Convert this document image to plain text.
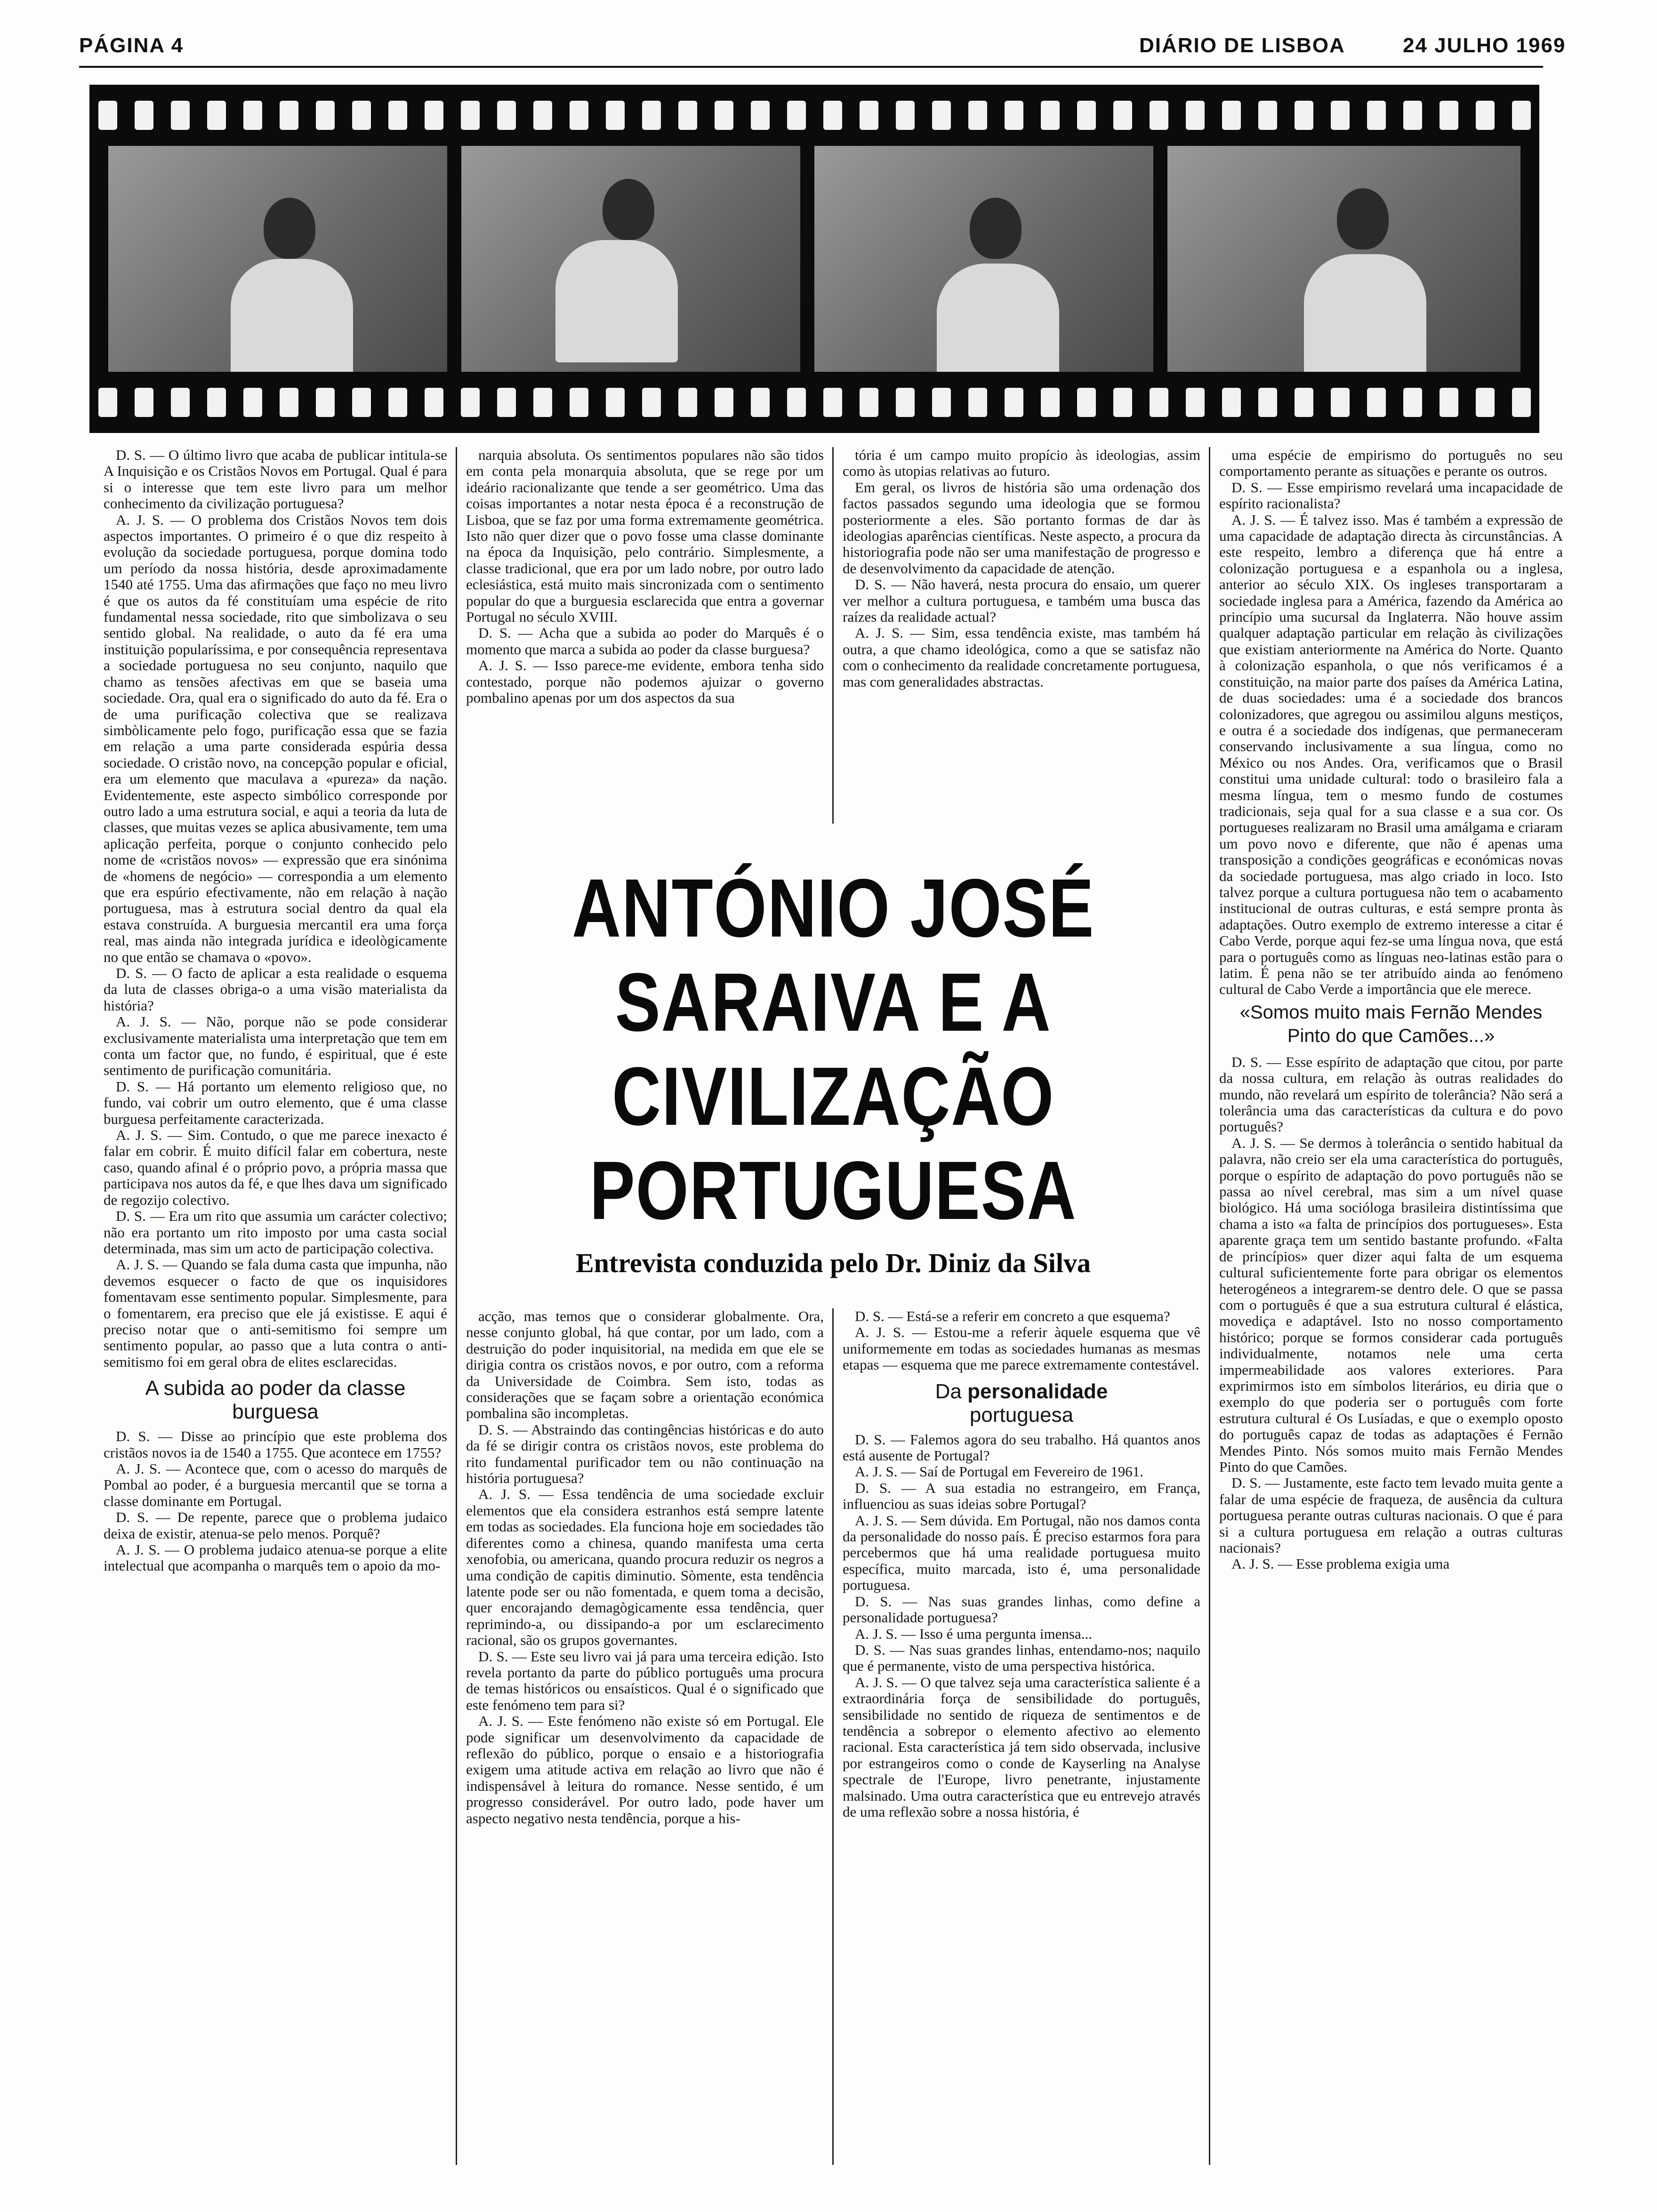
PÁGINA 4	DIÁRIO DE LISBOA	24 JULHO 1969

D. S. — O último livro que acaba de publicar intitula-se A Inquisição e os Cristãos Novos em Portugal. Qual é para si o interesse que tem este livro para um melhor conhecimento da civilização portuguesa?

A. J. S. — O problema dos Cristãos Novos tem dois aspectos importantes. O primeiro é o que diz respeito à evolução da sociedade portuguesa, porque domina todo um período da nossa história, desde aproximadamente 1540 até 1755. Uma das afirmações que faço no meu livro é que os autos da fé constituíam uma espécie de rito fundamental nessa sociedade, rito que simbolizava o seu sentido global. Na realidade, o auto da fé era uma instituição popularíssima, e por consequência representava a sociedade portuguesa no seu conjunto, naquilo que chamo as tensões afectivas em que se baseia uma sociedade. Ora, qual era o significado do auto da fé. Era o de uma purificação colectiva que se realizava simbòlicamente pelo fogo, purificação essa que se fazia em relação a uma parte considerada espúria dessa sociedade. O cristão novo, na concepção popular e oficial, era um elemento que maculava a «pureza» da nação. Evidentemente, este aspecto simbólico corresponde por outro lado a uma estrutura social, e aqui a teoria da luta de classes, que muitas vezes se aplica abusivamente, tem uma aplicação perfeita, porque o conjunto conhecido pelo nome de «cristãos novos» — expressão que era sinónima de «homens de negócio» — correspondia a um elemento que era espúrio efectivamente, não em relação à nação portuguesa, mas à estrutura social dentro da qual ela estava construída. A burguesia mercantil era uma força real, mas ainda não integrada jurídica e ideològicamente no que então se chamava o «povo».

D. S. — O facto de aplicar a esta realidade o esquema da luta de classes obriga-o a uma visão materialista da história?

A. J. S. — Não, porque não se pode considerar exclusivamente materialista uma interpretação que tem em conta um factor que, no fundo, é espiritual, que é este sentimento de purificação comunitária.

D. S. — Há portanto um elemento religioso que, no fundo, vai cobrir um outro elemento, que é uma classe burguesa perfeitamente caracterizada.

A. J. S. — Sim. Contudo, o que me parece inexacto é falar em cobrir. É muito difícil falar em cobertura, neste caso, quando afinal é o próprio povo, a própria massa que participava nos autos da fé, e que lhes dava um significado de regozijo colectivo.

D. S. — Era um rito que assumia um carácter colectivo; não era portanto um rito imposto por uma casta social determinada, mas sim um acto de participação colectiva.

A. J. S. — Quando se fala duma casta que impunha, não devemos esquecer o facto de que os inquisidores fomentavam esse sentimento popular. Simplesmente, para o fomentarem, era preciso que ele já existisse. E aqui é preciso notar que o anti-semitismo foi sempre um sentimento popular, ao passo que a luta contra o anti-semitismo foi em geral obra de elites esclarecidas.

A subida ao poder da classe burguesa

D. S. — Disse ao princípio que este problema dos cristãos novos ia de 1540 a 1755. Que acontece em 1755?

A. J. S. — Acontece que, com o acesso do marquês de Pombal ao poder, é a burguesia mercantil que se torna a classe dominante em Portugal.

D. S. — De repente, parece que o problema judaico deixa de existir, atenua-se pelo menos. Porquê?

A. J. S. — O problema judaico atenua-se porque a elite intelectual que acompanha o marquês tem o apoio da mo-

narquia absoluta. Os sentimentos populares não são tidos em conta pela monarquia absoluta, que se rege por um ideário racionalizante que tende a ser geométrico. Uma das coisas importantes a notar nesta época é a reconstrução de Lisboa, que se faz por uma forma extremamente geométrica. Isto não quer dizer que o povo fosse uma classe dominante na época da Inquisição, pelo contrário. Simplesmente, a classe tradicional, que era por um lado nobre, por outro lado eclesiástica, está muito mais sincronizada com o sentimento popular do que a burguesia esclarecida que entra a governar Portugal no século XVIII.

D. S. — Acha que a subida ao poder do Marquês é o momento que marca a subida ao poder da classe burguesa?

A. J. S. — Isso parece-me evidente, embora tenha sido contestado, porque não podemos ajuizar o governo pombalino apenas por um dos aspectos da sua

tória é um campo muito propício às ideologias, assim como às utopias relativas ao futuro.

Em geral, os livros de história são uma ordenação dos factos passados segundo uma ideologia que se formou posteriormente a eles. São portanto formas de dar às ideologias aparências científicas. Neste aspecto, a procura da historiografia pode não ser uma manifestação de progresso e de desenvolvimento da capacidade de atenção.

D. S. — Não haverá, nesta procura do ensaio, um querer ver melhor a cultura portuguesa, e também uma busca das raízes da realidade actual?

A. J. S. — Sim, essa tendência existe, mas também há outra, a que chamo ideológica, como a que se satisfaz não com o conhecimento da realidade concretamente portuguesa, mas com generalidades abstractas.

ANTÓNIO JOSÉ SARAIVA E A CIVILIZAÇÃO PORTUGUESA
Entrevista conduzida pelo Dr. Diniz da Silva

acção, mas temos que o considerar globalmente. Ora, nesse conjunto global, há que contar, por um lado, com a destruição do poder inquisitorial, na medida em que ele se dirigia contra os cristãos novos, e por outro, com a reforma da Universidade de Coimbra. Sem isto, todas as considerações que se façam sobre a orientação económica pombalina são incompletas.

D. S. — Abstraindo das contingências históricas e do auto da fé se dirigir contra os cristãos novos, este problema do rito fundamental purificador tem ou não continuação na história portuguesa?

A. J. S. — Essa tendência de uma sociedade excluir elementos que ela considera estranhos está sempre latente em todas as sociedades. Ela funciona hoje em sociedades tão diferentes como a chinesa, quando manifesta uma certa xenofobia, ou americana, quando procura reduzir os negros a uma condição de capitis diminutio. Sòmente, esta tendência latente pode ser ou não fomentada, e quem toma a decisão, quer encorajando demagògicamente essa tendência, quer reprimindo-a, ou dissipando-a por um esclarecimento racional, são os grupos governantes.

D. S. — Este seu livro vai já para uma terceira edição. Isto revela portanto da parte do público português uma procura de temas históricos ou ensaísticos. Qual é o significado que este fenómeno tem para si?

A. J. S. — Este fenómeno não existe só em Portugal. Ele pode significar um desenvolvimento da capacidade de reflexão do público, porque o ensaio e a historiografia exigem uma atitude activa em relação ao livro que não é indispensável à leitura do romance. Nesse sentido, é um progresso considerável. Por outro lado, pode haver um aspecto negativo nesta tendência, porque a his-

D. S. — Está-se a referir em concreto a que esquema?

A. J. S. — Estou-me a referir àquele esquema que vê uniformemente em todas as sociedades humanas as mesmas etapas — esquema que me parece extremamente contestável.

Da personalidade
portuguesa

D. S. — Falemos agora do seu trabalho. Há quantos anos está ausente de Portugal?

A. J. S. — Saí de Portugal em Fevereiro de 1961.

D. S. — A sua estadia no estrangeiro, em França, influenciou as suas ideias sobre Portugal?

A. J. S. — Sem dúvida. Em Portugal, não nos damos conta da personalidade do nosso país. É preciso estarmos fora para percebermos que há uma realidade portuguesa muito específica, muito marcada, isto é, uma personalidade portuguesa.

D. S. — Nas suas grandes linhas, como define a personalidade portuguesa?

A. J. S. — Isso é uma pergunta imensa...

D. S. — Nas suas grandes linhas, entendamo-nos; naquilo que é permanente, visto de uma perspectiva histórica.

A. J. S. — O que talvez seja uma característica saliente é a extraordinária força de sensibilidade do português, sensibilidade no sentido de riqueza de sentimentos e de tendência a sobrepor o elemento afectivo ao elemento racional. Esta característica já tem sido observada, inclusive por estrangeiros como o conde de Kayserling na Analyse spectrale de l'Europe, livro penetrante, injustamente malsinado. Uma outra característica que eu entrevejo através de uma reflexão sobre a nossa história, é

uma espécie de empirismo do português no seu comportamento perante as situações e perante os outros.

D. S. — Esse empirismo revelará uma incapacidade de espírito racionalista?

A. J. S. — É talvez isso. Mas é também a expressão de uma capacidade de adaptação directa às circunstâncias. A este respeito, lembro a diferença que há entre a colonização portuguesa e a espanhola ou a inglesa, anterior ao século XIX. Os ingleses transportaram a sociedade inglesa para a América, fazendo da América ao princípio uma sucursal da Inglaterra. Não houve assim qualquer adaptação particular em relação às civilizações que existiam anteriormente na América do Norte. Quanto à colonização espanhola, o que nós verificamos é a constituição, na maior parte dos países da América Latina, de duas sociedades: uma é a sociedade dos brancos colonizadores, que agregou ou assimilou alguns mestiços, e outra é a sociedade dos indígenas, que permaneceram conservando inclusivamente a sua língua, como no México ou nos Andes. Ora, verificamos que o Brasil constitui uma unidade cultural: todo o brasileiro fala a mesma língua, tem o mesmo fundo de costumes tradicionais, seja qual for a sua classe e a sua cor. Os portugueses realizaram no Brasil uma amálgama e criaram um povo novo e diferente, que não é apenas uma transposição a condições geográficas e económicas novas da sociedade portuguesa, mas algo criado in loco. Isto talvez porque a cultura portuguesa não tem o acabamento institucional de outras culturas, e está sempre pronta às adaptações. Outro exemplo de extremo interesse a citar é Cabo Verde, porque aqui fez-se uma língua nova, que está para o português como as línguas neo-latinas estão para o latim. É pena não se ter atribuído ainda ao fenómeno cultural de Cabo Verde a importância que ele merece.

«Somos muito mais Fernão Mendes Pinto do que Camões...»

D. S. — Esse espírito de adaptação que citou, por parte da nossa cultura, em relação às outras realidades do mundo, não revelará um espírito de tolerância? Não será a tolerância uma das características da cultura e do povo português?

A. J. S. — Se dermos à tolerância o sentido habitual da palavra, não creio ser ela uma característica do português, porque o espírito de adaptação do povo português não se passa ao nível cerebral, mas sim a um nível quase biológico. Há uma socióloga brasileira distintíssima que chama a isto «a falta de princípios dos portugueses». Esta aparente graça tem um sentido bastante profundo. «Falta de princípios» quer dizer aqui falta de um esquema cultural suficientemente forte para obrigar os elementos heterogéneos a integrarem-se dentro dele. O que se passa com o português é que a sua estrutura cultural é elástica, movediça e adaptável. Isto no nosso comportamento histórico; porque se formos considerar cada português individualmente, notamos nele uma certa impermeabilidade aos valores exteriores. Para exprimirmos isto em símbolos literários, eu diria que o exemplo do que poderia ser o português com forte estrutura cultural é Os Lusíadas, e que o exemplo oposto do português capaz de todas as adaptações é Fernão Mendes Pinto. Nós somos muito mais Fernão Mendes Pinto do que Camões.

D. S. — Justamente, este facto tem levado muita gente a falar de uma espécie de fraqueza, de ausência da cultura portuguesa perante outras culturas nacionais. O que é para si a cultura portuguesa em relação a outras culturas nacionais?

A. J. S. — Esse problema exigia uma
